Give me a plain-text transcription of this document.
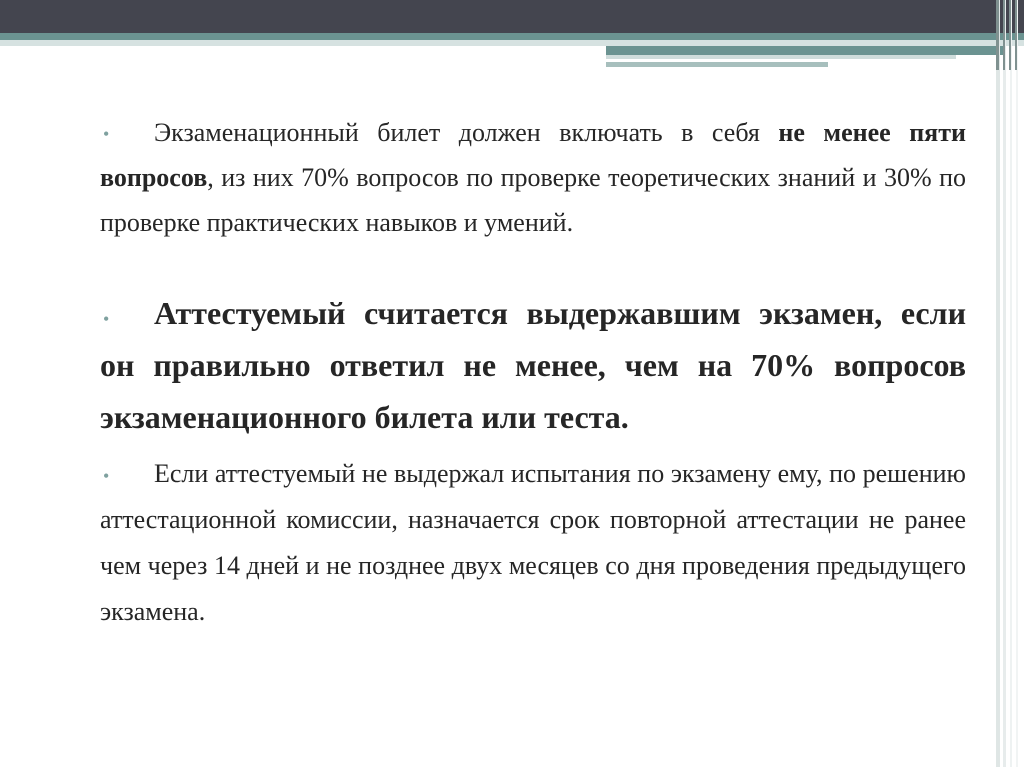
•	Экзаменационный билет должен включать в себя не менее пяти вопросов, из них 70% вопросов по проверке теоретических знаний и 30% по проверке практических навыков и умений.

•	Аттестуемый считается выдержавшим экзамен, если он правильно ответил не менее, чем на 70% вопросов экзаменационного билета или теста.

•	Если аттестуемый не выдержал испытания по экзамену ему, по решению аттестационной комиссии, назначается срок повторной аттестации не ранее чем через 14 дней и не позднее двух месяцев со дня проведения предыдущего экзамена.
